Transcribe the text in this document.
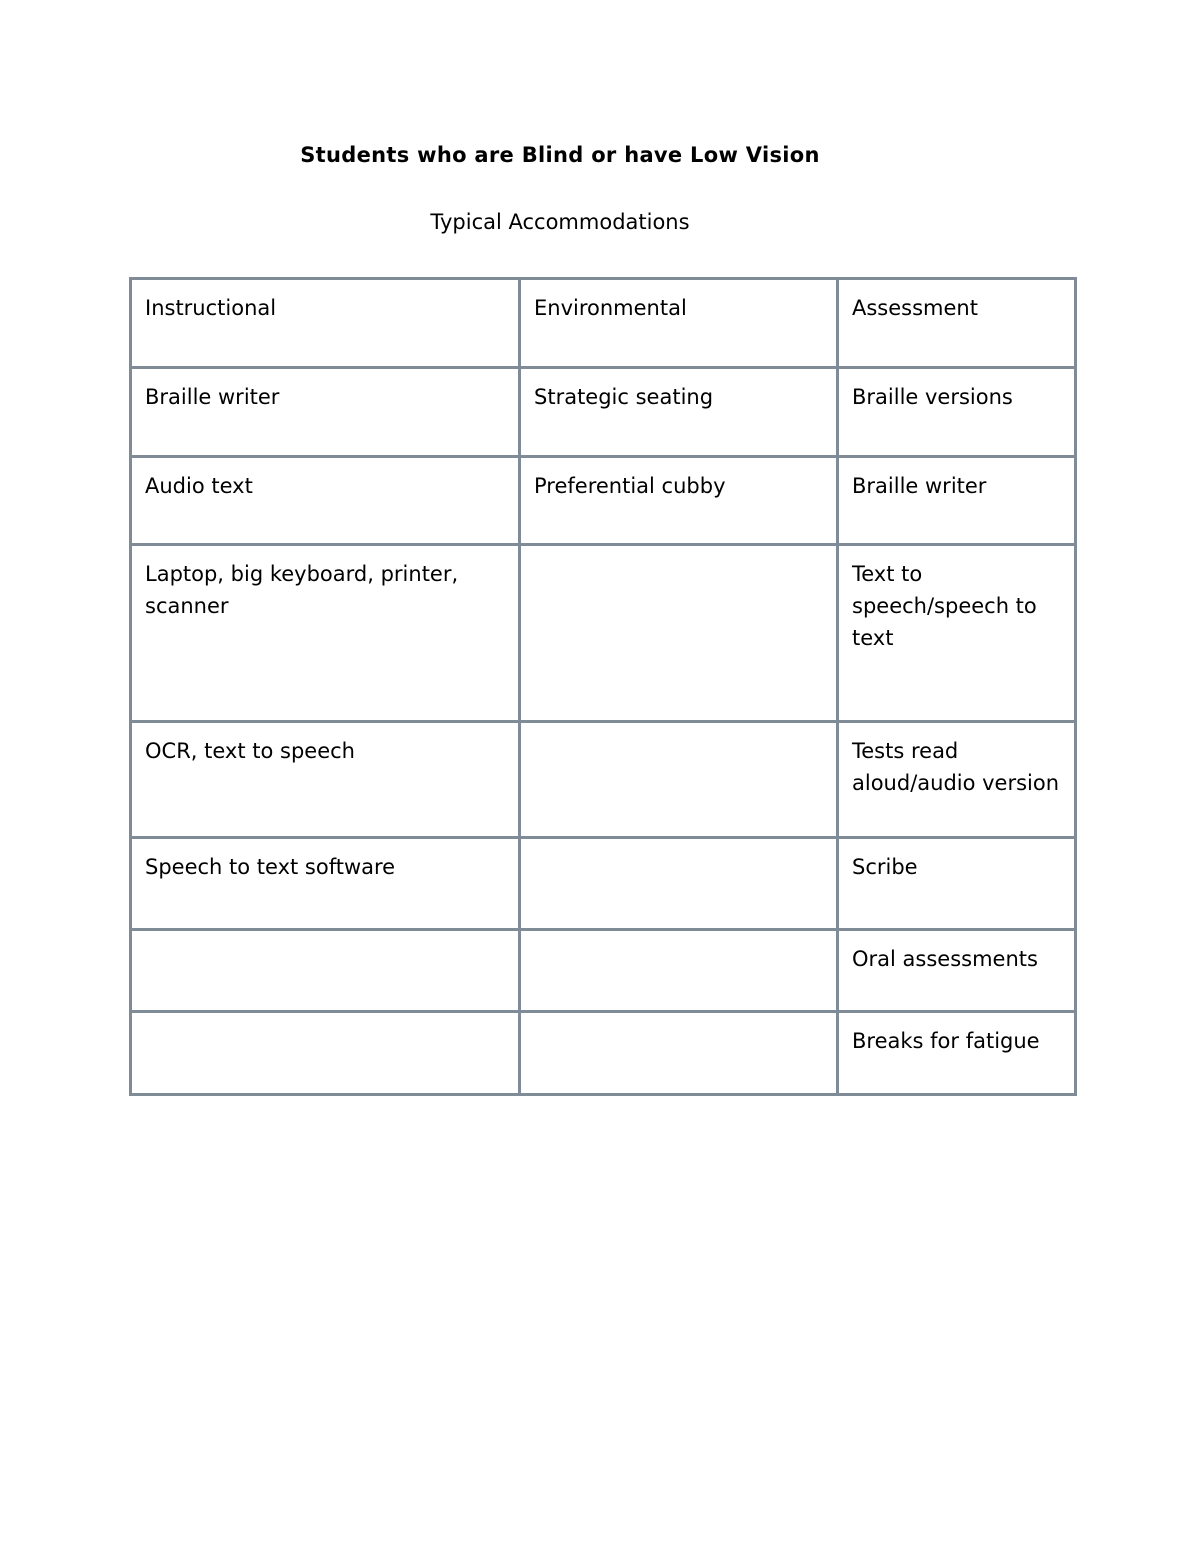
Students who are Blind or have Low Vision
Typical Accommodations
Instructional	Environmental	Assessment
Braille writer	Strategic seating	Braille versions
Audio text	Preferential cubby	Braille writer
Laptop, big keyboard, printer, scanner		Text to speech/speech to text
OCR, text to speech		Tests read aloud/audio version
Speech to text software		Scribe
		Oral assessments
		Breaks for fatigue
